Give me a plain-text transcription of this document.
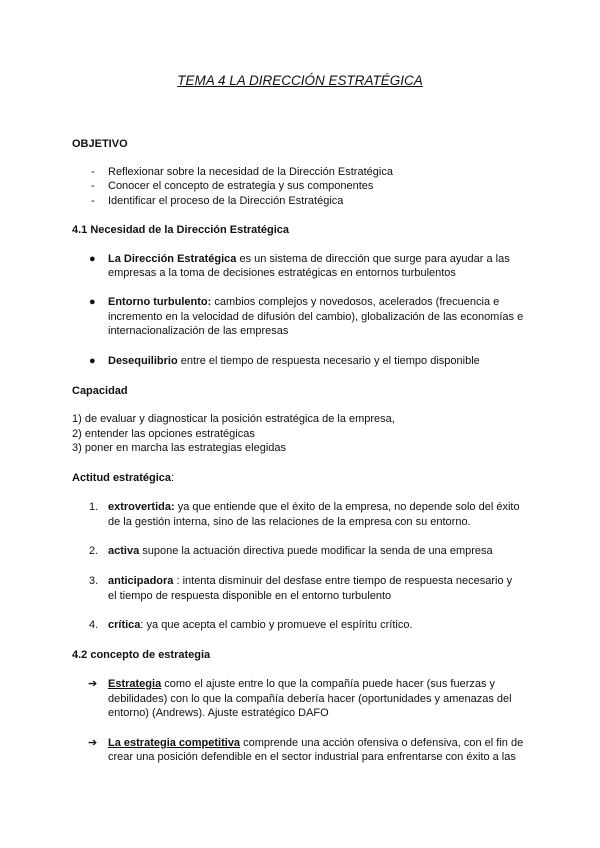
TEMA 4 LA DIRECCIÓN ESTRATÉGICA
OBJETIVO
- Reflexionar sobre la necesidad de la Dirección Estratégica
- Conocer el concepto de estrategia y sus componentes
- Identificar el proceso de la Dirección Estratégica
4.1 Necesidad de la Dirección Estratégica
● La Dirección Estratégica es un sistema de dirección que surge para ayudar a las
empresas a la toma de decisiones estratégicas en entornos turbulentos
● Entorno turbulento: cambios complejos y novedosos, acelerados (frecuencia e
incremento en la velocidad de difusión del cambio), globalización de las economías e
internacionalización de las empresas
● Desequilibrio entre el tiempo de respuesta necesario y el tiempo disponible
Capacidad
1) de evaluar y diagnosticar la posición estratégica de la empresa,
2) entender las opciones estratégicas
3) poner en marcha las estrategias elegidas
Actitud estratégica:
1. extrovertida: ya que entiende que el éxito de la empresa, no depende solo del éxito
de la gestión interna, sino de las relaciones de la empresa con su entorno.
2. activa supone la actuación directiva puede modificar la senda de una empresa
3. anticipadora : intenta disminuir del desfase entre tiempo de respuesta necesario y
el tiempo de respuesta disponible en el entorno turbulento
4. crítica: ya que acepta el cambio y promueve el espíritu crítico.
4.2 concepto de estrategia
➔ Estrategia como el ajuste entre lo que la compañía puede hacer (sus fuerzas y
debilidades) con lo que la compañía debería hacer (oportunidades y amenazas del
entorno) (Andrews). Ajuste estratégico DAFO
➔ La estrategia competitiva comprende una acción ofensiva o defensiva, con el fin de
crear una posición defendible en el sector industrial para enfrentarse con éxito a las
